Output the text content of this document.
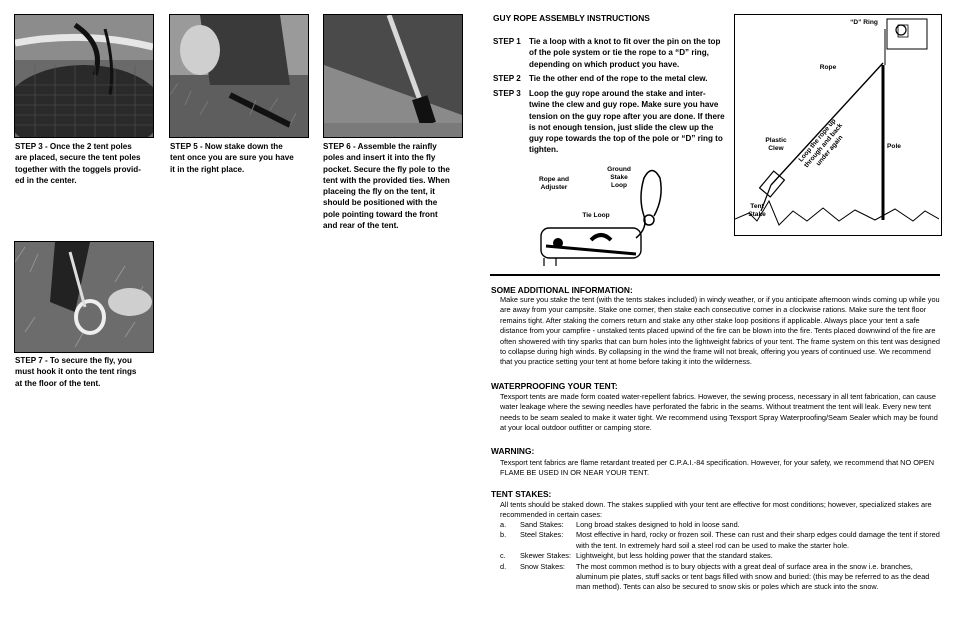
STEP 3 - Once the 2 tent poles
are placed, secure the tent poles
together with the toggels provid-
ed in the center.
STEP 5 - Now stake down the
tent once you are sure you have
it in the right place.
STEP 6 - Assemble the rainfly
poles and insert it into the fly
pocket. Secure the fly pole to the
tent with the provided ties. When
placeing the fly on the tent, it
should be positioned with the
pole pointing toward the front
and rear of the tent.
STEP 7 - To secure the fly, you
must hook it onto the tent rings
at the floor of the tent.
GUY ROPE ASSEMBLY INSTRUCTIONS
STEP 1	Tie a loop with a knot to fit over the pin on the top of the pole system or tie the rope to a “D” ring, depending on which product you have.
STEP 2	Tie the other end of the rope to the metal clew.
STEP 3	Loop the guy rope around the stake and inter-twine the clew and guy rope. Make sure you have tension on the guy rope after you are done. If there is not enough tension, just slide the clew up the guy rope towards the top of the pole or “D” ring to tighten.
Rope and
Adjuster
Ground
Stake
Loop
Tie Loop
“D” Ring
Rope
Plastic
Clew	Pole
Loop the rope up
through and back
under again
Tent
Stake
SOME ADDITIONAL INFORMATION:
Make sure you stake the tent (with the tents stakes included) in windy weather, or if you anticipate afternoon winds coming up while you are away from your campsite. Stake one corner, then stake each consecutive corner in a clockwise rations. Make sure the tent floor remains tight. After staking the corners return and stake any other stake loop positions if applicable. Always place your tent a safe distance from your campfire - unstaked tents placed upwind of the fire can be blown into the fire. Tents placed downwind of the fire are often showered with tiny sparks that can burn holes into the lightweight fabrics of your tent. The frame system on this tent was designed to collapse during high winds. By collapsing in the wind the frame will not break, offering you years of continued use. We recommend that you practice setting your tent at home before taking it into the wilderness.
WATERPROOFING YOUR TENT:
Texsport tents are made form coated water-repellent fabrics. However, the sewing process, necessary in all tent fabrication, can cause water leakage where the sewing needles have perforated the fabric in the seams. Without treatment the tent will leak. Every new tent needs to be seam sealed to make it water tight. We recommend using Texsport Spray Waterproofing/Seam Sealer which may be found at your local outdoor outfitter or camping store.
WARNING:
Texsport tent fabrics are flame retardant treated per C.P.A.I.-84 specification. However, for your safety, we recommend that NO OPEN FLAME BE USED IN OR NEAR YOUR TENT.
TENT STAKES:
All tents should be staked down. The stakes supplied with your tent are effective for most conditions; however, specialized stakes are recommended in certain cases:
a.	Sand Stakes:	Long broad stakes designed to hold in loose sand.
b.	Steel Stakes:	Most effective in hard, rocky or frozen soil. These can rust and their sharp edges could damage the tent if stored with the tent. In extremely hard soil a steel rod can be used to make the starter hole.
c.	Skewer Stakes: Lightweight, but less holding power that the standard stakes.
d.	Snow Stakes:	The most common method is to bury objects with a great deal of surface area in the snow i.e. branches, aluminum pie plates, stuff sacks or tent bags filled with snow and buried: (this may be referred to as the dead man method). Tents can also be secured to snow skis or poles which are stuck into the snow.
